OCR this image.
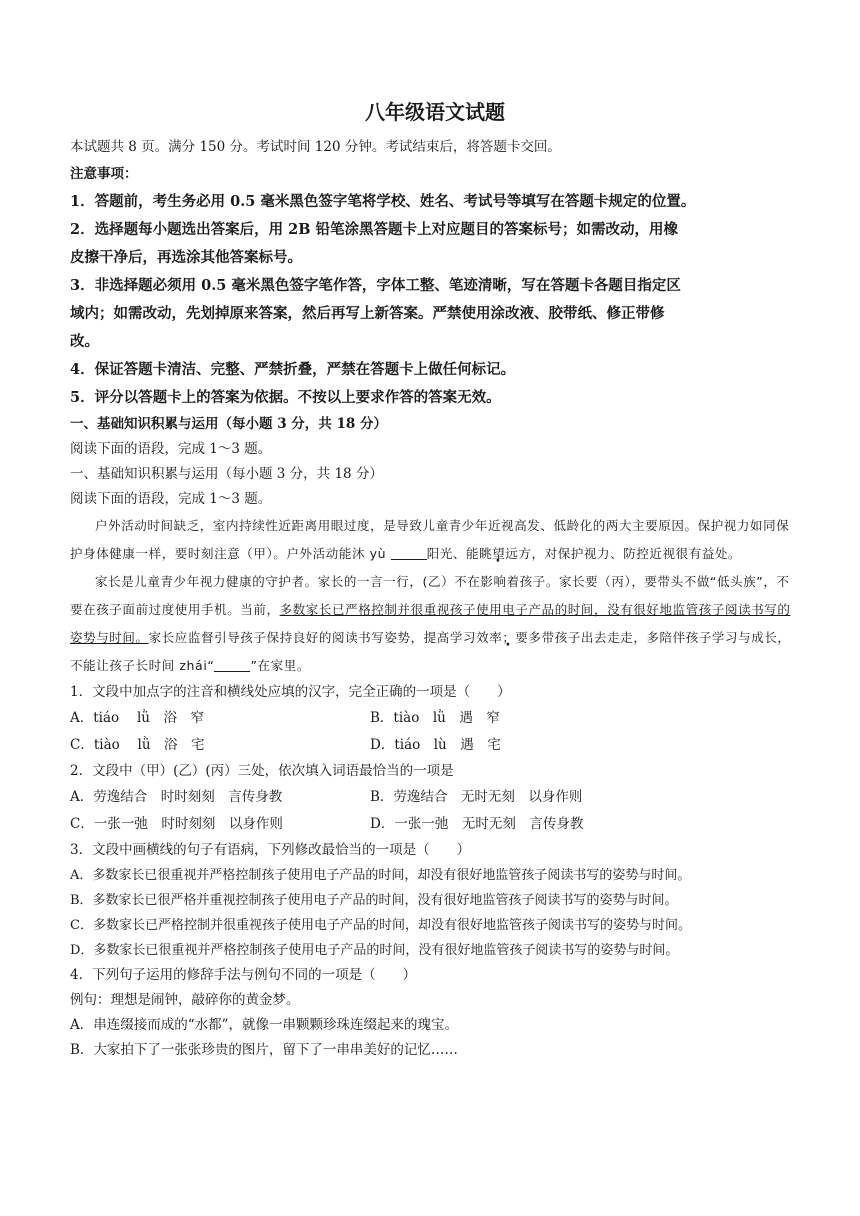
八年级语文试题
本试题共 8 页。满分 150 分。考试时间 120 分钟。考试结束后，将答题卡交回。
注意事项：
1．答题前，考生务必用 0.5 毫米黑色签字笔将学校、姓名、考试号等填写在答题卡规定的位置。
2．选择题每小题选出答案后，用 2B 铅笔涂黑答题卡上对应题目的答案标号；如需改动，用橡
皮擦干净后，再选涂其他答案标号。
3．非选择题必须用 0.5 毫米黑色签字笔作答，字体工整、笔迹清晰，写在答题卡各题目指定区
域内；如需改动，先划掉原来答案，然后再写上新答案。严禁使用涂改液、胶带纸、修正带修
改。
4．保证答题卡清洁、完整、严禁折叠，严禁在答题卡上做任何标记。
5．评分以答题卡上的答案为依据。不按以上要求作答的答案无效。
一、基础知识积累与运用（每小题 3 分，共 18 分）
阅读下面的语段，完成 1～3 题。
一、基础知识积累与运用（每小题 3 分，共 18 分）
阅读下面的语段，完成 1～3 题。
户外活动时间缺乏，室内持续性近距离用眼过度，是导致儿童青少年近视高发、低龄化的两大主要原因。保护视力如同保护身体健康一样，要时刻注意（甲）。户外活动能沐 yù	阳光、能眺望远方，对保护视力、防控近视很有益处。
家长是儿童青少年视力健康的守护者。家长的一言一行，(乙）不在影响着孩子。家长要（丙），要带头不做“低头族”，不要在孩子面前过度使用手机。当前，多数家长已严格控制并很重视孩子使用电子产品的时间，没有很好地监管孩子阅读书写的姿势与时间。家长应监督引导孩子保持良好的阅读书写姿势，提高学习效率；要多带孩子出去走走，多陪伴孩子学习与成长，不能让孩子长时间 zhái“	”在家里。
1．文段中加点字的注音和横线处应填的汉字，完全正确的一项是（　　）
A．tiáo　 lǜ　浴　窄	B．tiào　lǜ　遇　窄
C．tiào　 lǜ　浴　宅	D．tiáo　lù　遇　宅
2．文段中（甲）(乙）(丙）三处，依次填入词语最恰当的一项是
A．劳逸结合　时时刻刻　言传身教	B．劳逸结合　无时无刻　以身作则
C．一张一弛　时时刻刻　以身作则	D．一张一弛　无时无刻　言传身教
3．文段中画横线的句子有语病，下列修改最恰当的一项是（　　）
A．多数家长已很重视并严格控制孩子使用电子产品的时间，却没有很好地监管孩子阅读书写的姿势与时间。
B．多数家长已很严格并重视控制孩子使用电子产品的时间，没有很好地监管孩子阅读书写的姿势与时间。
C．多数家长已严格控制并很重视孩子使用电子产品的时间，却没有很好地监管孩子阅读书写的姿势与时间。
D．多数家长已很重视并严格控制孩子使用电子产品的时间，没有很好地监管孩子阅读书写的姿势与时间。
4．下列句子运用的修辞手法与例句不同的一项是（　　）
例句：理想是闹钟，敲碎你的黄金梦。
A．串连缀接而成的“水都”，就像一串颗颗珍珠连缀起来的瑰宝。
B．大家拍下了一张张珍贵的图片，留下了一串串美好的记忆……
